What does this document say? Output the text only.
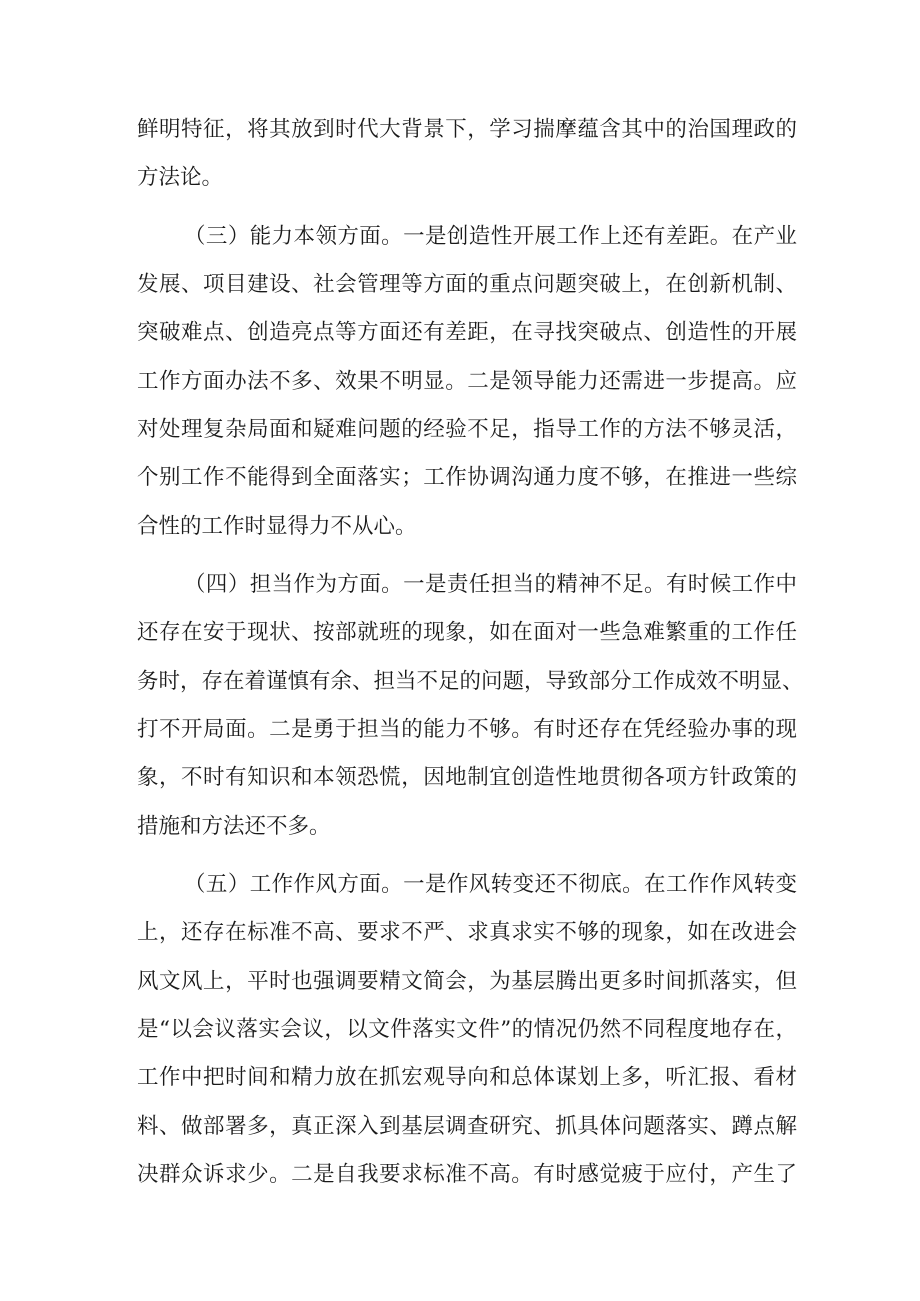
鲜明特征，将其放到时代大背景下，学习揣摩蕴含其中的治国理政的
方法论。
（三）能力本领方面。一是创造性开展工作上还有差距。在产业
发展、项目建设、社会管理等方面的重点问题突破上，在创新机制、
突破难点、创造亮点等方面还有差距，在寻找突破点、创造性的开展
工作方面办法不多、效果不明显。二是领导能力还需进一步提高。应
对处理复杂局面和疑难问题的经验不足，指导工作的方法不够灵活，
个别工作不能得到全面落实；工作协调沟通力度不够，在推进一些综
合性的工作时显得力不从心。
（四）担当作为方面。一是责任担当的精神不足。有时候工作中
还存在安于现状、按部就班的现象，如在面对一些急难繁重的工作任
务时，存在着谨慎有余、担当不足的问题，导致部分工作成效不明显、
打不开局面。二是勇于担当的能力不够。有时还存在凭经验办事的现
象，不时有知识和本领恐慌，因地制宜创造性地贯彻各项方针政策的
措施和方法还不多。
（五）工作作风方面。一是作风转变还不彻底。在工作作风转变
上，还存在标准不高、要求不严、求真求实不够的现象，如在改进会
风文风上，平时也强调要精文简会，为基层腾出更多时间抓落实，但
是“以会议落实会议，以文件落实文件”的情况仍然不同程度地存在，
工作中把时间和精力放在抓宏观导向和总体谋划上多，听汇报、看材
料、做部署多，真正深入到基层调查研究、抓具体问题落实、蹲点解
决群众诉求少。二是自我要求标准不高。有时感觉疲于应付，产生了
